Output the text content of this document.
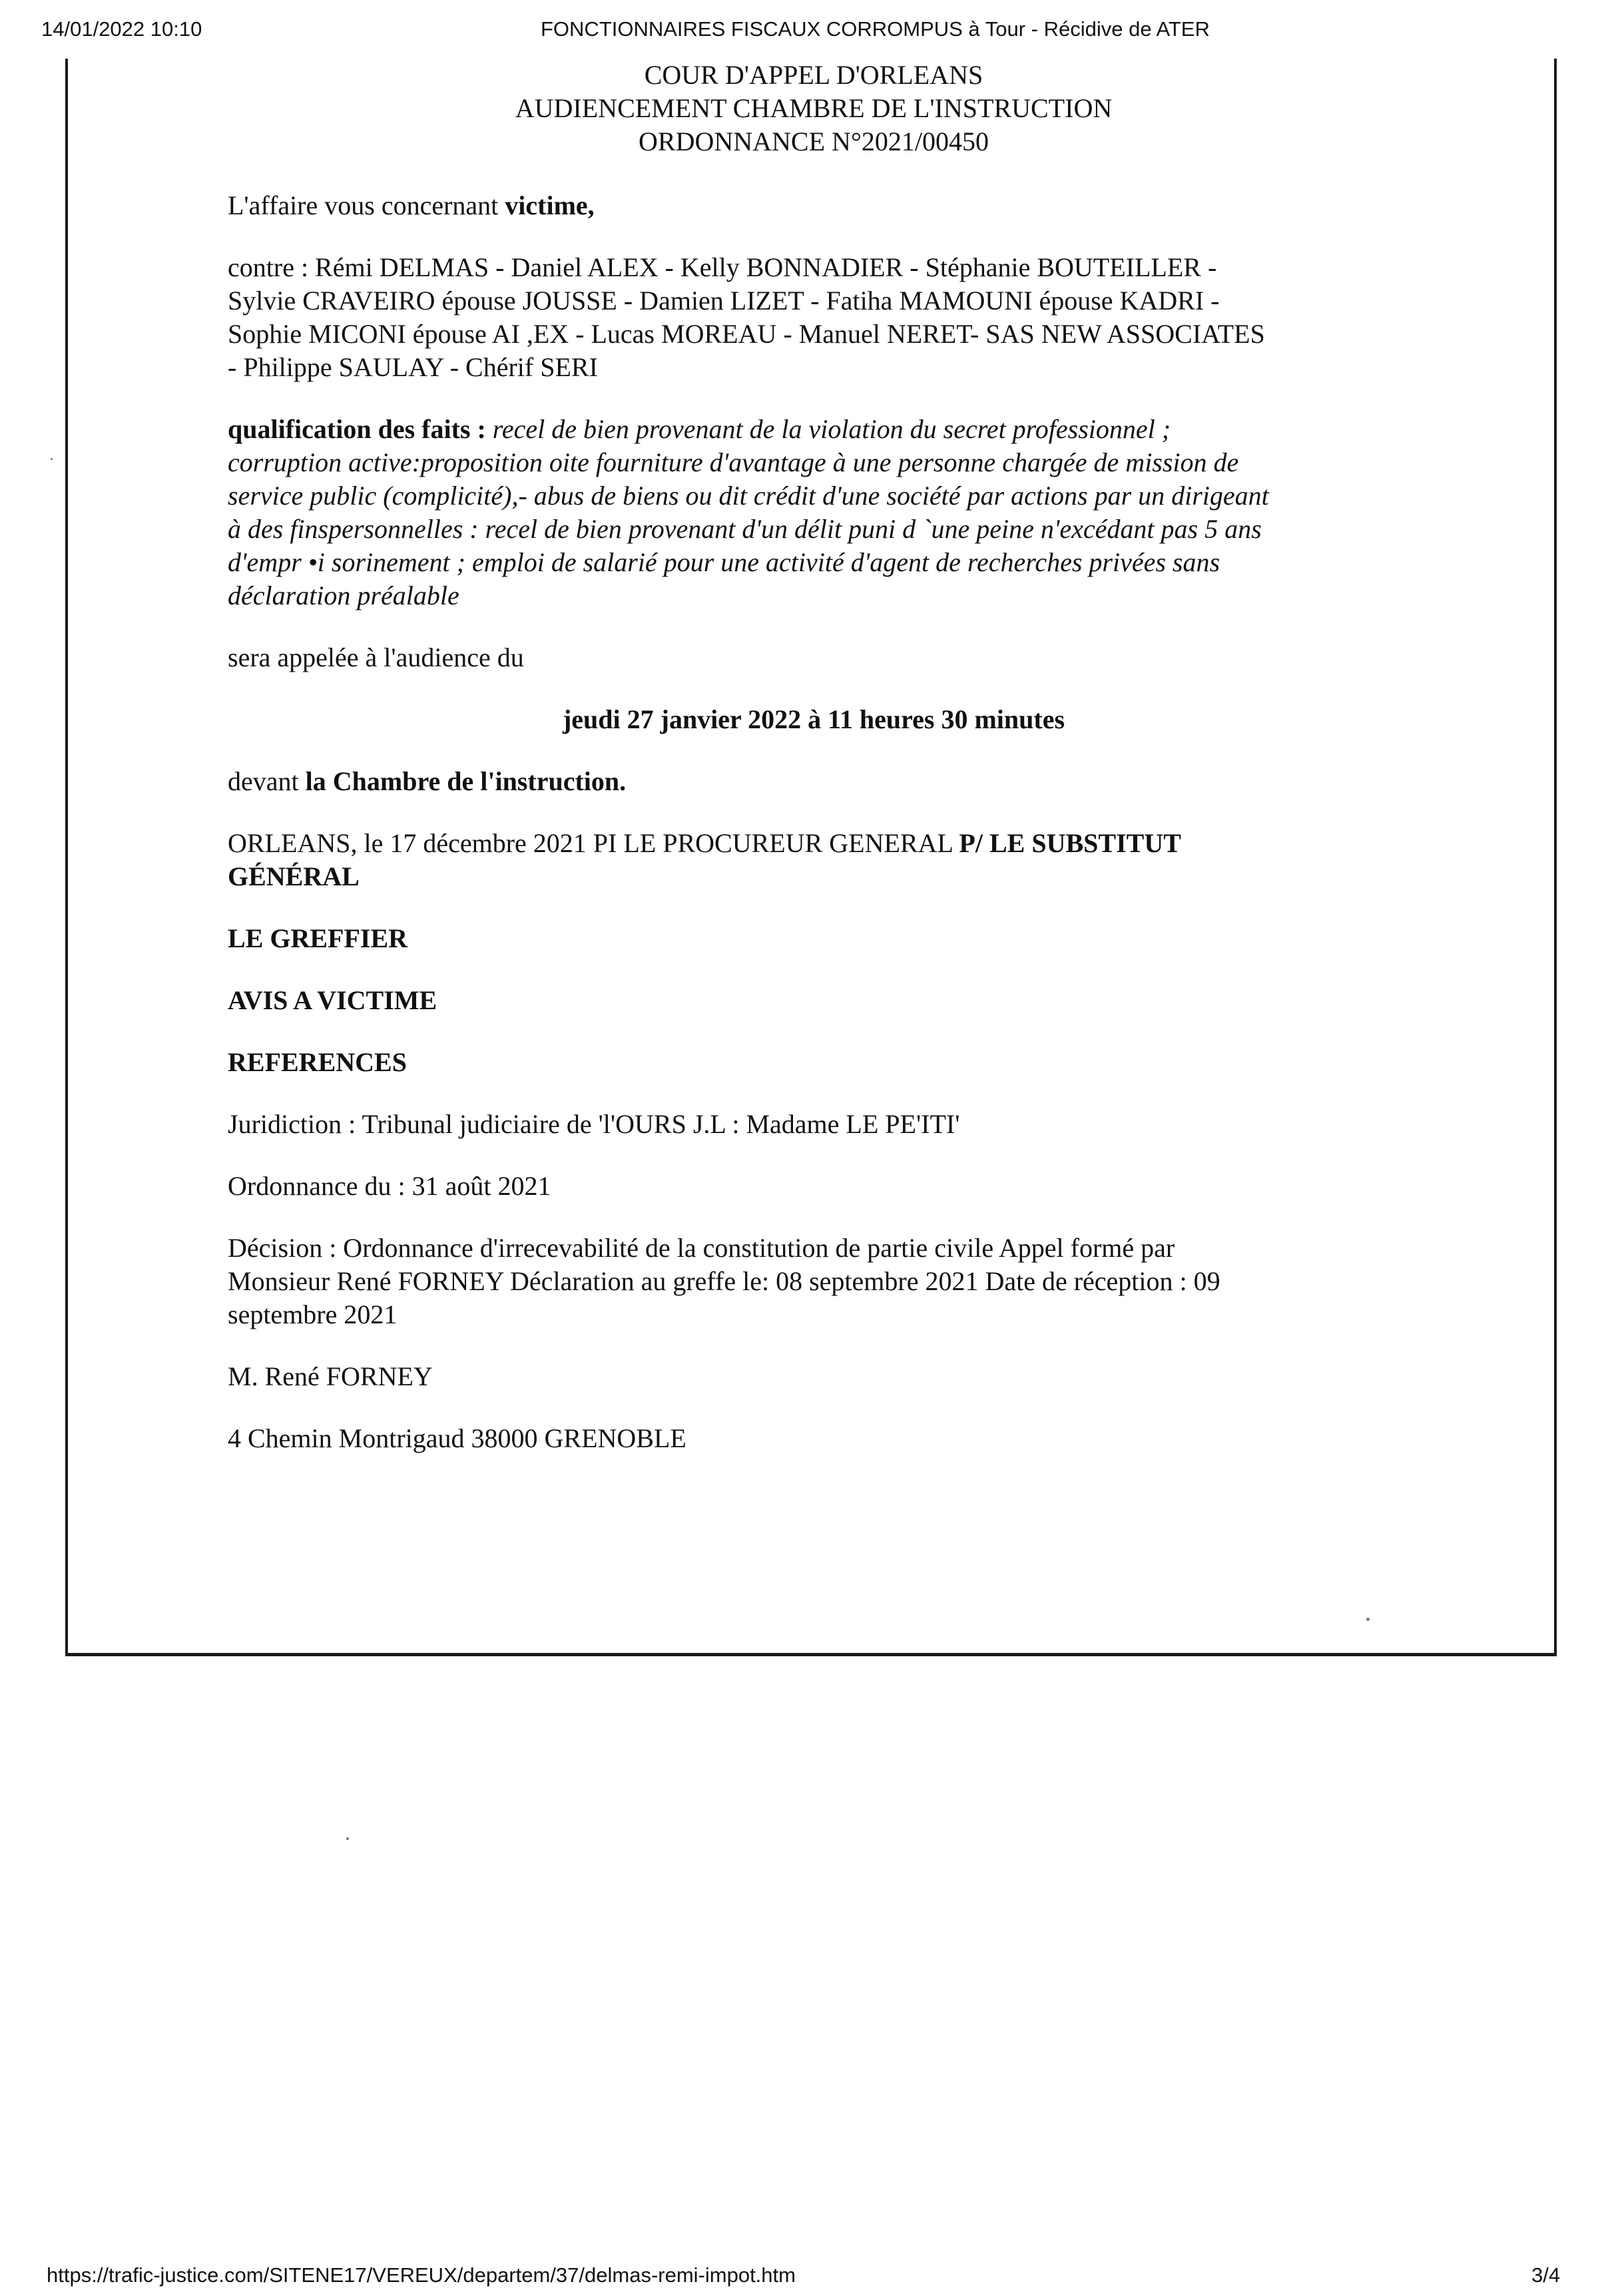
14/01/2022 10:10	FONCTIONNAIRES FISCAUX CORROMPUS à Tour - Récidive de ATER
COUR D'APPEL D'ORLEANS
AUDIENCEMENT CHAMBRE DE L'INSTRUCTION
ORDONNANCE N°2021/00450

L'affaire vous concernant victime,

contre : Rémi DELMAS - Daniel ALEX - Kelly BONNADIER - Stéphanie BOUTEILLER -
Sylvie CRAVEIRO épouse JOUSSE - Damien LIZET - Fatiha MAMOUNI épouse KADRI -
Sophie MICONI épouse AI ,EX - Lucas MOREAU - Manuel NERET- SAS NEW ASSOCIATES
- Philippe SAULAY - Chérif SERI

qualification des faits : recel de bien provenant de la violation du secret professionnel ;
corruption active:proposition oite fourniture d'avantage à une personne chargée de mission de
service public (complicité),- abus de biens ou dit crédit d'une société par actions par un dirigeant
à des finspersonnelles : recel de bien provenant d'un délit puni d `une peine n'excédant pas 5 ans
d'empr •i sorinement ; emploi de salarié pour une activité d'agent de recherches privées sans
déclaration préalable

sera appelée à l'audience du

jeudi 27 janvier 2022 à 11 heures 30 minutes

devant la Chambre de l'instruction.

ORLEANS, le 17 décembre 2021 PI LE PROCUREUR GENERAL P/ LE SUBSTITUT
GÉNÉRAL

LE GREFFIER

AVIS A VICTIME

REFERENCES

Juridiction : Tribunal judiciaire de 'l'OURS J.L : Madame LE PE'ITI'

Ordonnance du : 31 août 2021

Décision : Ordonnance d'irrecevabilité de la constitution de partie civile Appel formé par
Monsieur René FORNEY Déclaration au greffe le: 08 septembre 2021 Date de réception : 09
septembre 2021

M. René FORNEY

4 Chemin Montrigaud 38000 GRENOBLE

https://trafic-justice.com/SITENE17/VEREUX/departem/37/delmas-remi-impot.htm	3/4
